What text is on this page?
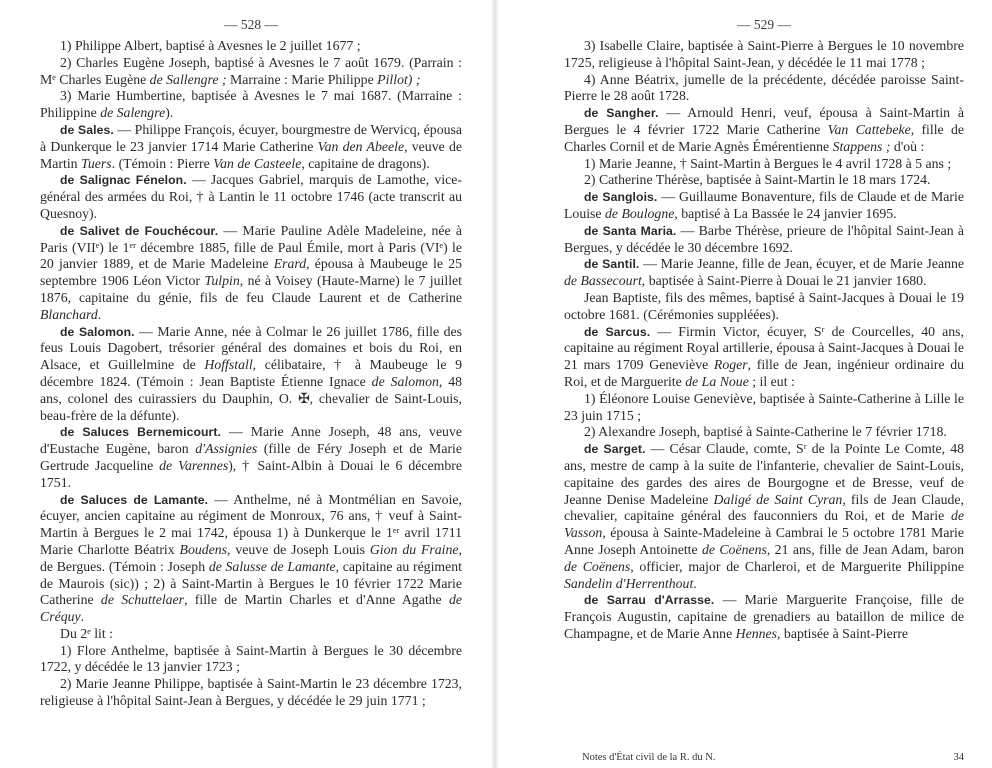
— 528 —

1) Philippe Albert, baptisé à Avesnes le 2 juillet 1677 ;

2) Charles Eugène Joseph, baptisé à Avesnes le 7 août 1679. (Parrain : Mᵉ Charles Eugène de Sallengre ; Marraine : Marie Philippe Pillot) ;

3) Marie Humbertine, baptisée à Avesnes le 7 mai 1687. (Marraine : Philippine de Salengre).

de Sales. — Philippe François, écuyer, bourgmestre de Wervicq, épousa à Dunkerque le 23 janvier 1714 Marie Catherine Van den Abeele, veuve de Martin Tuers. (Témoin : Pierre Van de Casteele, capitaine de dragons).

de Salignac Fénelon. — Jacques Gabriel, marquis de Lamothe, vice-général des armées du Roi, † à Lantin le 11 octobre 1746 (acte transcrit au Quesnoy).

de Salivet de Fouchécour. — Marie Pauline Adèle Madeleine, née à Paris (VIIᵉ) le 1ᵉʳ décembre 1885, fille de Paul Émile, mort à Paris (VIᵉ) le 20 janvier 1889, et de Marie Madeleine Erard, épousa à Maubeuge le 25 septembre 1906 Léon Victor Tulpin, né à Voisey (Haute-Marne) le 7 juillet 1876, capitaine du génie, fils de feu Claude Laurent et de Catherine Blanchard.

de Salomon. — Marie Anne, née à Colmar le 26 juillet 1786, fille des feus Louis Dagobert, trésorier général des domaines et bois du Roi, en Alsace, et Guillelmine de Hoffstall, célibataire, † à Maubeuge le 9 décembre 1824. (Témoin : Jean Baptiste Étienne Ignace de Salomon, 48 ans, colonel des cuirassiers du Dauphin, O. ✠, chevalier de Saint-Louis, beau-frère de la défunte).

de Saluces Bernemicourt. — Marie Anne Joseph, 48 ans, veuve d'Eustache Eugène, baron d'Assignies (fille de Féry Joseph et de Marie Gertrude Jacqueline de Varennes), † Saint-Albin à Douai le 6 décembre 1751.

de Saluces de Lamante. — Anthelme, né à Montmélian en Savoie, écuyer, ancien capitaine au régiment de Monroux, 76 ans, † veuf à Saint-Martin à Bergues le 2 mai 1742, épousa 1) à Dunkerque le 1ᵉʳ avril 1711 Marie Charlotte Béatrix Boudens, veuve de Joseph Louis Gion du Fraine, de Bergues. (Témoin : Joseph de Salusse de Lamante, capitaine au régiment de Maurois (sic)) ; 2) à Saint-Martin à Bergues le 10 février 1722 Marie Catherine de Schuttelaer, fille de Martin Charles et d'Anne Agathe de Créquy.

Du 2ᵉ lit :

1) Flore Anthelme, baptisée à Saint-Martin à Bergues le 30 décembre 1722, y décédée le 13 janvier 1723 ;

2) Marie Jeanne Philippe, baptisée à Saint-Martin le 23 décembre 1723, religieuse à l'hôpital Saint-Jean à Bergues, y décédée le 29 juin 1771 ;

— 529 —

3) Isabelle Claire, baptisée à Saint-Pierre à Bergues le 10 novembre 1725, religieuse à l'hôpital Saint-Jean, y décédée le 11 mai 1778 ;

4) Anne Béatrix, jumelle de la précédente, décédée paroisse Saint-Pierre le 28 août 1728.

de Sangher. — Arnould Henri, veuf, épousa à Saint-Martin à Bergues le 4 février 1722 Marie Catherine Van Cattebeke, fille de Charles Cornil et de Marie Agnès Émérentienne Stappens ; d'où :

1) Marie Jeanne, † Saint-Martin à Bergues le 4 avril 1728 à 5 ans ;

2) Catherine Thérèse, baptisée à Saint-Martin le 18 mars 1724.

de Sanglois. — Guillaume Bonaventure, fils de Claude et de Marie Louise de Boulogne, baptisé à La Bassée le 24 janvier 1695.

de Santa Maria. — Barbe Thérèse, prieure de l'hôpital Saint-Jean à Bergues, y décédée le 30 décembre 1692.

de Santil. — Marie Jeanne, fille de Jean, écuyer, et de Marie Jeanne de Bassecourt, baptisée à Saint-Pierre à Douai le 21 janvier 1680.

Jean Baptiste, fils des mêmes, baptisé à Saint-Jacques à Douai le 19 octobre 1681. (Cérémonies suppléées).

de Sarcus. — Firmin Victor, écuyer, Sʳ de Courcelles, 40 ans, capitaine au régiment Royal artillerie, épousa à Saint-Jacques à Douai le 21 mars 1709 Geneviève Roger, fille de Jean, ingénieur ordinaire du Roi, et de Marguerite de La Noue ; il eut :

1) Éléonore Louise Geneviève, baptisée à Sainte-Catherine à Lille le 23 juin 1715 ;

2) Alexandre Joseph, baptisé à Sainte-Catherine le 7 février 1718.

de Sarget. — César Claude, comte, Sʳ de la Pointe Le Comte, 48 ans, mestre de camp à la suite de l'infanterie, chevalier de Saint-Louis, capitaine des gardes des aires de Bourgogne et de Bresse, veuf de Jeanne Denise Madeleine Daligé de Saint Cyran, fils de Jean Claude, chevalier, capitaine général des fauconniers du Roi, et de Marie de Vasson, épousa à Sainte-Madeleine à Cambrai le 5 octobre 1781 Marie Anne Joseph Antoinette de Coënens, 21 ans, fille de Jean Adam, baron de Coënens, officier, major de Charleroi, et de Marguerite Philippine Sandelin d'Herrenthout.

de Sarrau d'Arrasse. — Marie Marguerite Françoise, fille de François Augustin, capitaine de grenadiers au bataillon de milice de Champagne, et de Marie Anne Hennes, baptisée à Saint-Pierre

Notes d'État civil de la R. du N.	34
